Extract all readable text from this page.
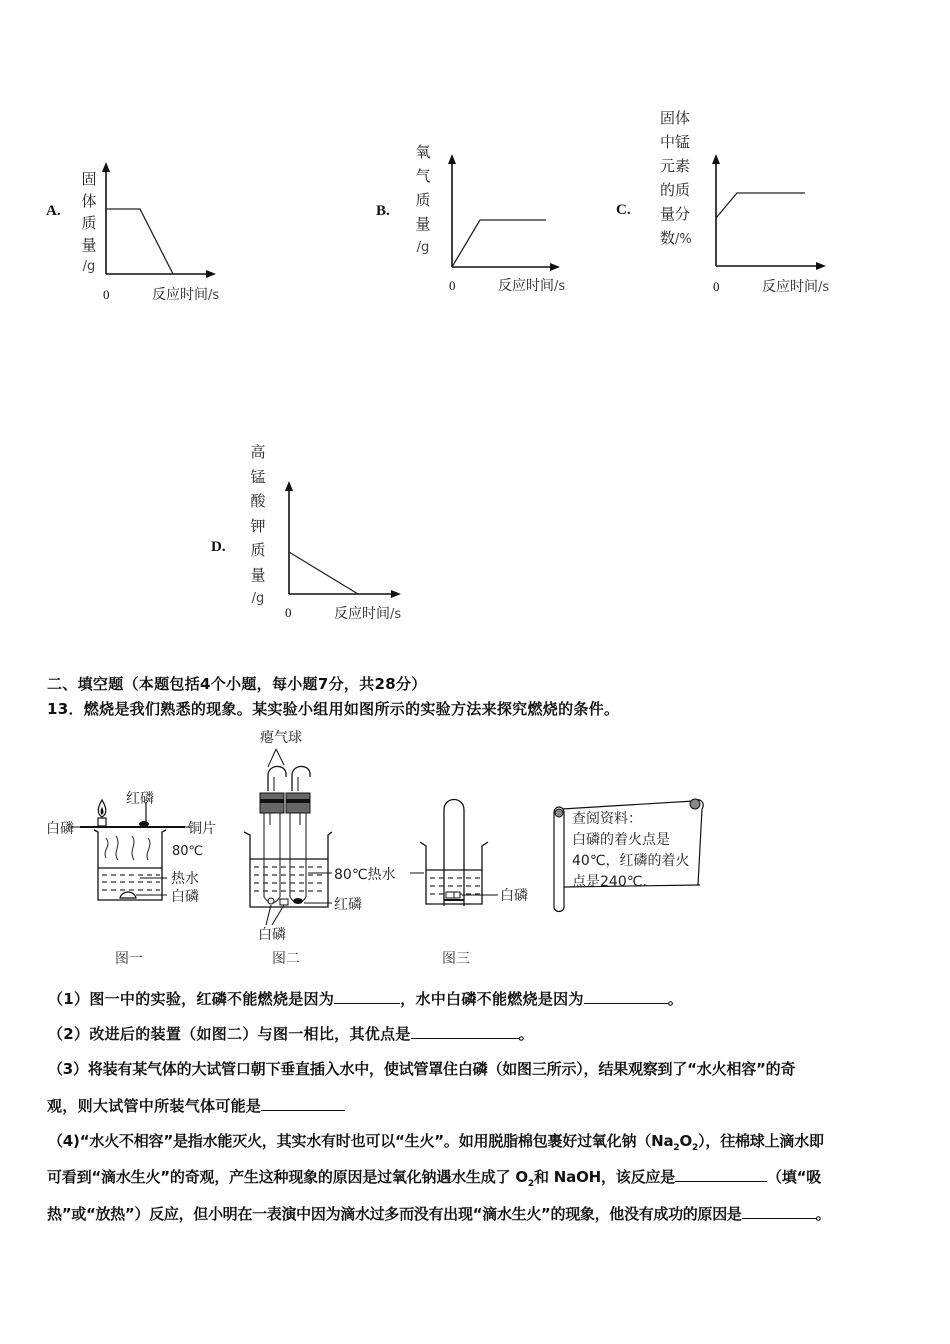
A.
固
体
质
量
/g
0	反应时间/s
B.
氧
气
质
量
/g
0	反应时间/s
C.
固体
中锰
元素
的质
量分
数/%
0	反应时间/s
D.
高
锰
酸
钾
质
量
/g
0	反应时间/s
二、填空题（本题包括4个小题，每小题7分，共28分）
13．燃烧是我们熟悉的现象。某实验小组用如图所示的实验方法来探究燃烧的条件。
白磷
红磷
铜片
80℃
热水
白磷
图一
瘪气球
80℃热水
红磷
白磷
图二
白磷
图三
查阅资料：
白磷的着火点是
40℃，红磷的着火
点是240℃.
（1）图一中的实验，红磷不能燃烧是因为	，水中白磷不能燃烧是因为	。
（2）改进后的装置（如图二）与图一相比，其优点是	。
（3）将装有某气体的大试管口朝下垂直插入水中，使试管罩住白磷（如图三所示），结果观察到了“水火相容”的奇
观，则大试管中所装气体可能是
（4)“水火不相容”是指水能灭火，其实水有时也可以“生火”。如用脱脂棉包裹好过氧化钠$(Na_2O_2)$，往棉球上滴水即
可看到“滴水生火”的奇观，产生这种现象的原因是过氧化钠遇水生成了 $O_2$和 NaOH，该反应是	（填“吸
热”或“放热”）反应，但小明在一表演中因为滴水过多而没有出现“滴水生火”的现象，他没有成功的原因是	。
